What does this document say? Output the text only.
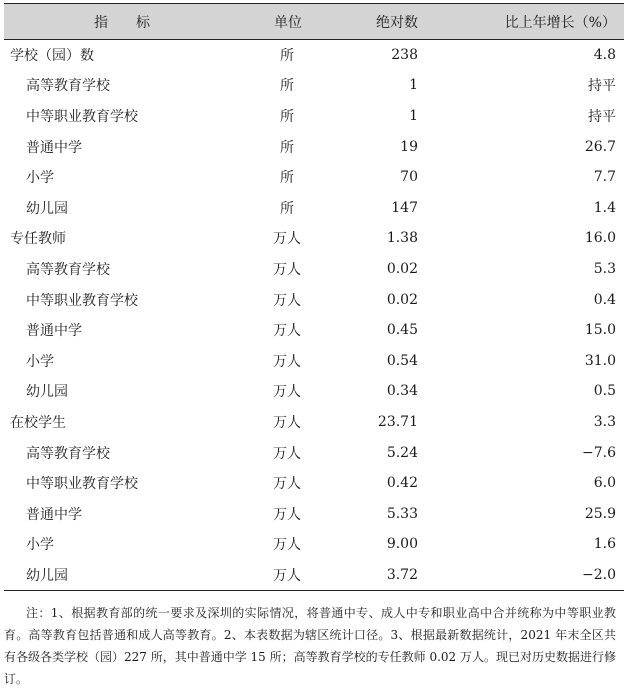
指　　标	单位	绝对数	比上年增长（%）
学校（园）数	所	238	4.8
高等教育学校	所	1	持平
中等职业教育学校	所	1	持平
普通中学	所	19	26.7
小学	所	70	7.7
幼儿园	所	147	1.4
专任教师	万人	1.38	16.0
高等教育学校	万人	0.02	5.3
中等职业教育学校	万人	0.02	0.4
普通中学	万人	0.45	15.0
小学	万人	0.54	31.0
幼儿园	万人	0.34	0.5
在校学生	万人	23.71	3.3
高等教育学校	万人	5.24	−7.6
中等职业教育学校	万人	0.42	6.0
普通中学	万人	5.33	25.9
小学	万人	9.00	1.6
幼儿园	万人	3.72	−2.0

注：1、根据教育部的统一要求及深圳的实际情况，将普通中专、成人中专和职业高中合并统称为中等职业教育。高等教育包括普通和成人高等教育。2、本表数据为辖区统计口径。3、根据最新数据统计，2021 年末全区共有各级各类学校（园）227 所，其中普通中学 15 所；高等教育学校的专任教师 0.02 万人。现已对历史数据进行修订。
